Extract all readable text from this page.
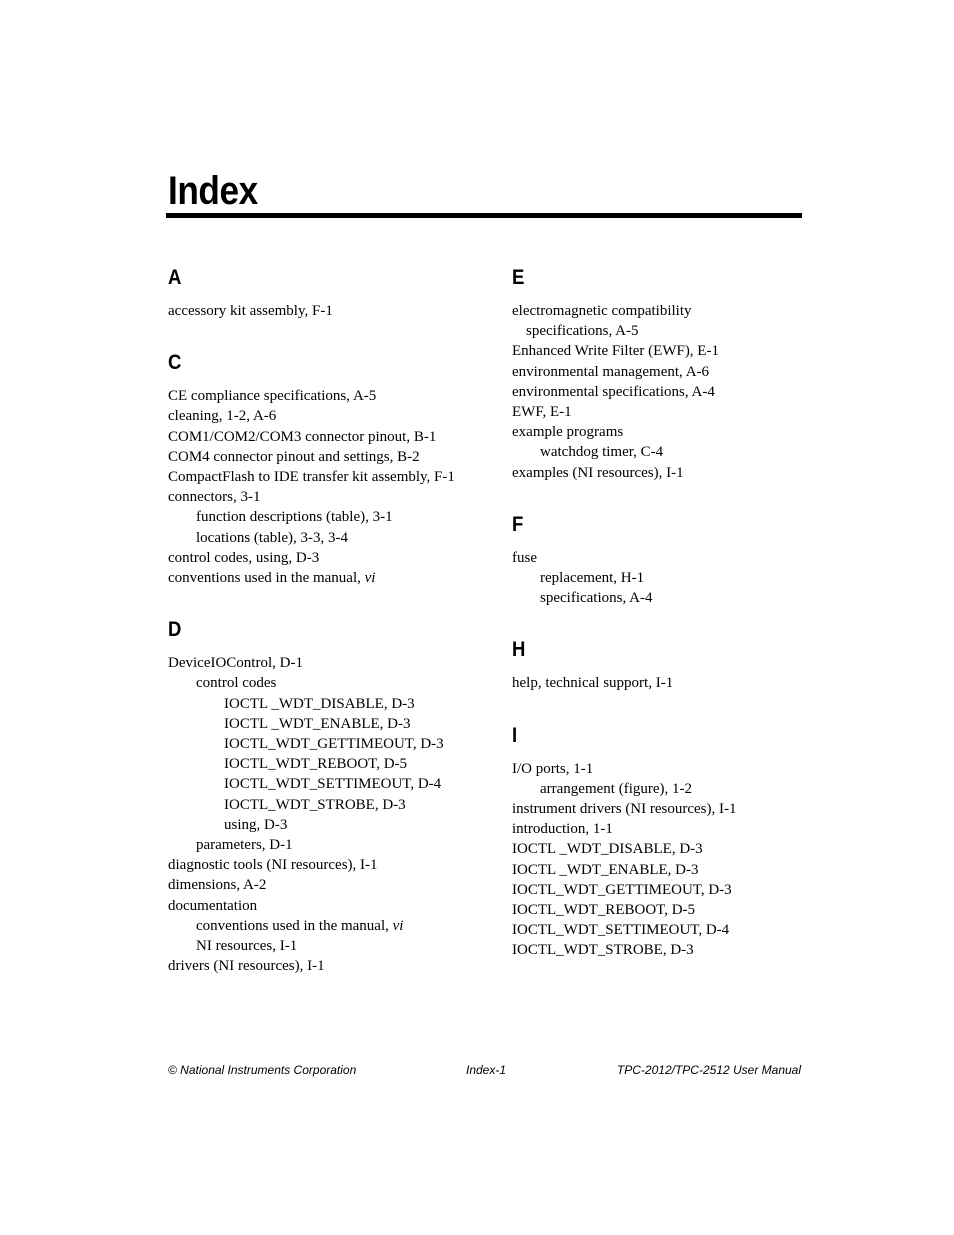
Index
A
accessory kit assembly, F-1
C
CE compliance specifications, A-5
cleaning, 1-2, A-6
COM1/COM2/COM3 connector pinout, B-1
COM4 connector pinout and settings, B-2
CompactFlash to IDE transfer kit assembly, F-1
connectors, 3-1
function descriptions (table), 3-1
locations (table), 3-3, 3-4
control codes, using, D-3
conventions used in the manual, vi
D
DeviceIOControl, D-1
control codes
IOCTL _WDT_DISABLE, D-3
IOCTL _WDT_ENABLE, D-3
IOCTL_WDT_GETTIMEOUT, D-3
IOCTL_WDT_REBOOT, D-5
IOCTL_WDT_SETTIMEOUT, D-4
IOCTL_WDT_STROBE, D-3
using, D-3
parameters, D-1
diagnostic tools (NI resources), I-1
dimensions, A-2
documentation
conventions used in the manual, vi
NI resources, I-1
drivers (NI resources), I-1
E
electromagnetic compatibility
specifications, A-5
Enhanced Write Filter (EWF), E-1
environmental management, A-6
environmental specifications, A-4
EWF, E-1
example programs
watchdog timer, C-4
examples (NI resources), I-1
F
fuse
replacement, H-1
specifications, A-4
H
help, technical support, I-1
I
I/O ports, 1-1
arrangement (figure), 1-2
instrument drivers (NI resources), I-1
introduction, 1-1
IOCTL _WDT_DISABLE, D-3
IOCTL _WDT_ENABLE, D-3
IOCTL_WDT_GETTIMEOUT, D-3
IOCTL_WDT_REBOOT, D-5
IOCTL_WDT_SETTIMEOUT, D-4
IOCTL_WDT_STROBE, D-3
© National Instruments Corporation	Index-1	TPC-2012/TPC-2512 User Manual
